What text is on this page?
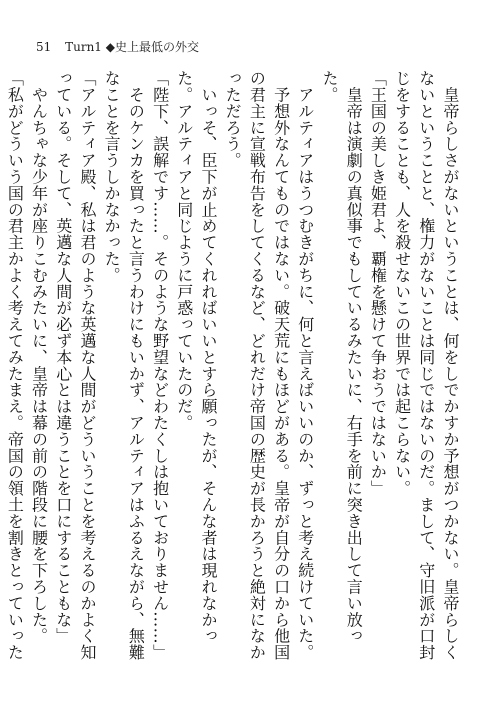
51 Turn1 ◆史上最低の外交

　皇帝らしさがないということは、何をしでかすか予想がつかない。皇帝らしくないということと、権力がないことは同じではないのだ。まして、守旧派が口封じをすることも、人を殺せないこの世界では起こらない。

「王国の美しき姫君よ、覇権を懸けて争おうではないか」

　皇帝は演劇の真似事でもしているみたいに、右手を前に突き出して言い放った。

　アルティアはうつむきがちに、何と言えばいいのか、ずっと考え続けていた。

　予想外なんてものではない。破天荒にもほどがある。皇帝が自分の口から他国の君主に宣戦布告をしてくるなど、どれだけ帝国の歴史が長かろうと絶対になかっただろう。

　いっそ、臣下が止めてくれればいいとすら願ったが、そんな者は現れなかった。アルティアと同じように戸惑っていたのだ。

「陛下、誤解です……。そのような野望などわたくしは抱いておりません……」

　そのケンカを買ったと言うわけにもいかず、アルティアはふるえながら、無難なことを言うしかなかった。

「アルティア殿、私は君のような英邁な人間がどういうことを考えるのかよく知っている。そして、英邁な人間が必ず本心とは違うことを口にすることもな」

　やんちゃな少年が座りこむみたいに、皇帝は幕の前の階段に腰を下ろした。

「私がどういう国の君主かよく考えてみたまえ。帝国の領土を割きとっていった
